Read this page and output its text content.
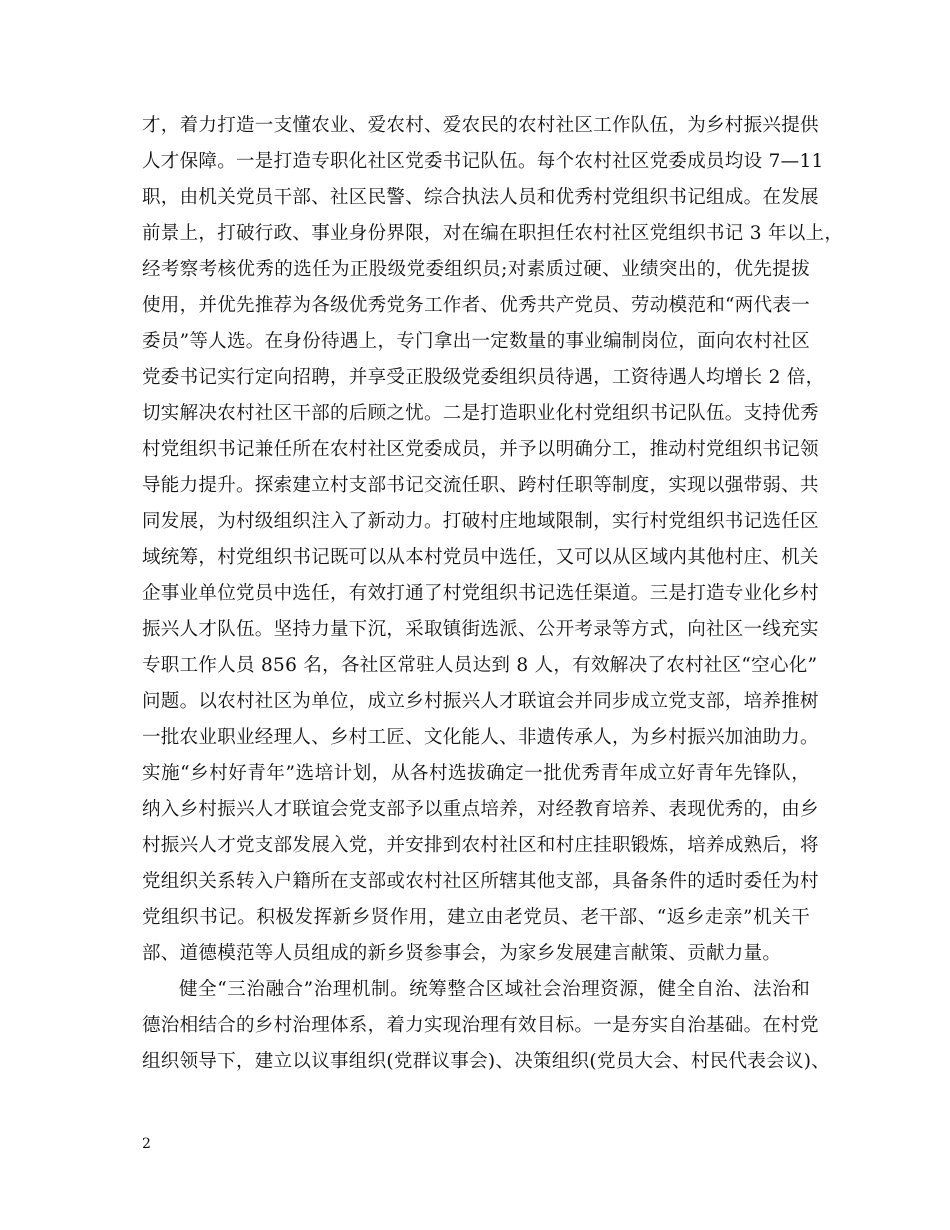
才，着力打造一支懂农业、爱农村、爱农民的农村社区工作队伍，为乡村振兴提供
人才保障。一是打造专职化社区党委书记队伍。每个农村社区党委成员均设 7—11
职，由机关党员干部、社区民警、综合执法人员和优秀村党组织书记组成。在发展
前景上，打破行政、事业身份界限，对在编在职担任农村社区党组织书记 3 年以上，
经考察考核优秀的选任为正股级党委组织员;对素质过硬、业绩突出的，优先提拔
使用，并优先推荐为各级优秀党务工作者、优秀共产党员、劳动模范和“两代表一
委员”等人选。在身份待遇上，专门拿出一定数量的事业编制岗位，面向农村社区
党委书记实行定向招聘，并享受正股级党委组织员待遇，工资待遇人均增长 2 倍，
切实解决农村社区干部的后顾之忧。二是打造职业化村党组织书记队伍。支持优秀
村党组织书记兼任所在农村社区党委成员，并予以明确分工，推动村党组织书记领
导能力提升。探索建立村支部书记交流任职、跨村任职等制度，实现以强带弱、共
同发展，为村级组织注入了新动力。打破村庄地域限制，实行村党组织书记选任区
域统筹，村党组织书记既可以从本村党员中选任，又可以从区域内其他村庄、机关
企事业单位党员中选任，有效打通了村党组织书记选任渠道。三是打造专业化乡村
振兴人才队伍。坚持力量下沉，采取镇街选派、公开考录等方式，向社区一线充实
专职工作人员 856 名，各社区常驻人员达到 8 人，有效解决了农村社区“空心化”
问题。以农村社区为单位，成立乡村振兴人才联谊会并同步成立党支部，培养推树
一批农业职业经理人、乡村工匠、文化能人、非遗传承人，为乡村振兴加油助力。
实施“乡村好青年”选培计划，从各村选拔确定一批优秀青年成立好青年先锋队，
纳入乡村振兴人才联谊会党支部予以重点培养，对经教育培养、表现优秀的，由乡
村振兴人才党支部发展入党，并安排到农村社区和村庄挂职锻炼，培养成熟后，将
党组织关系转入户籍所在支部或农村社区所辖其他支部，具备条件的适时委任为村
党组织书记。积极发挥新乡贤作用，建立由老党员、老干部、“返乡走亲”机关干
部、道德模范等人员组成的新乡贤参事会，为家乡发展建言献策、贡献力量。
健全“三治融合”治理机制。统筹整合区域社会治理资源，健全自治、法治和
德治相结合的乡村治理体系，着力实现治理有效目标。一是夯实自治基础。在村党
组织领导下，建立以议事组织(党群议事会)、决策组织(党员大会、村民代表会议)、
2
